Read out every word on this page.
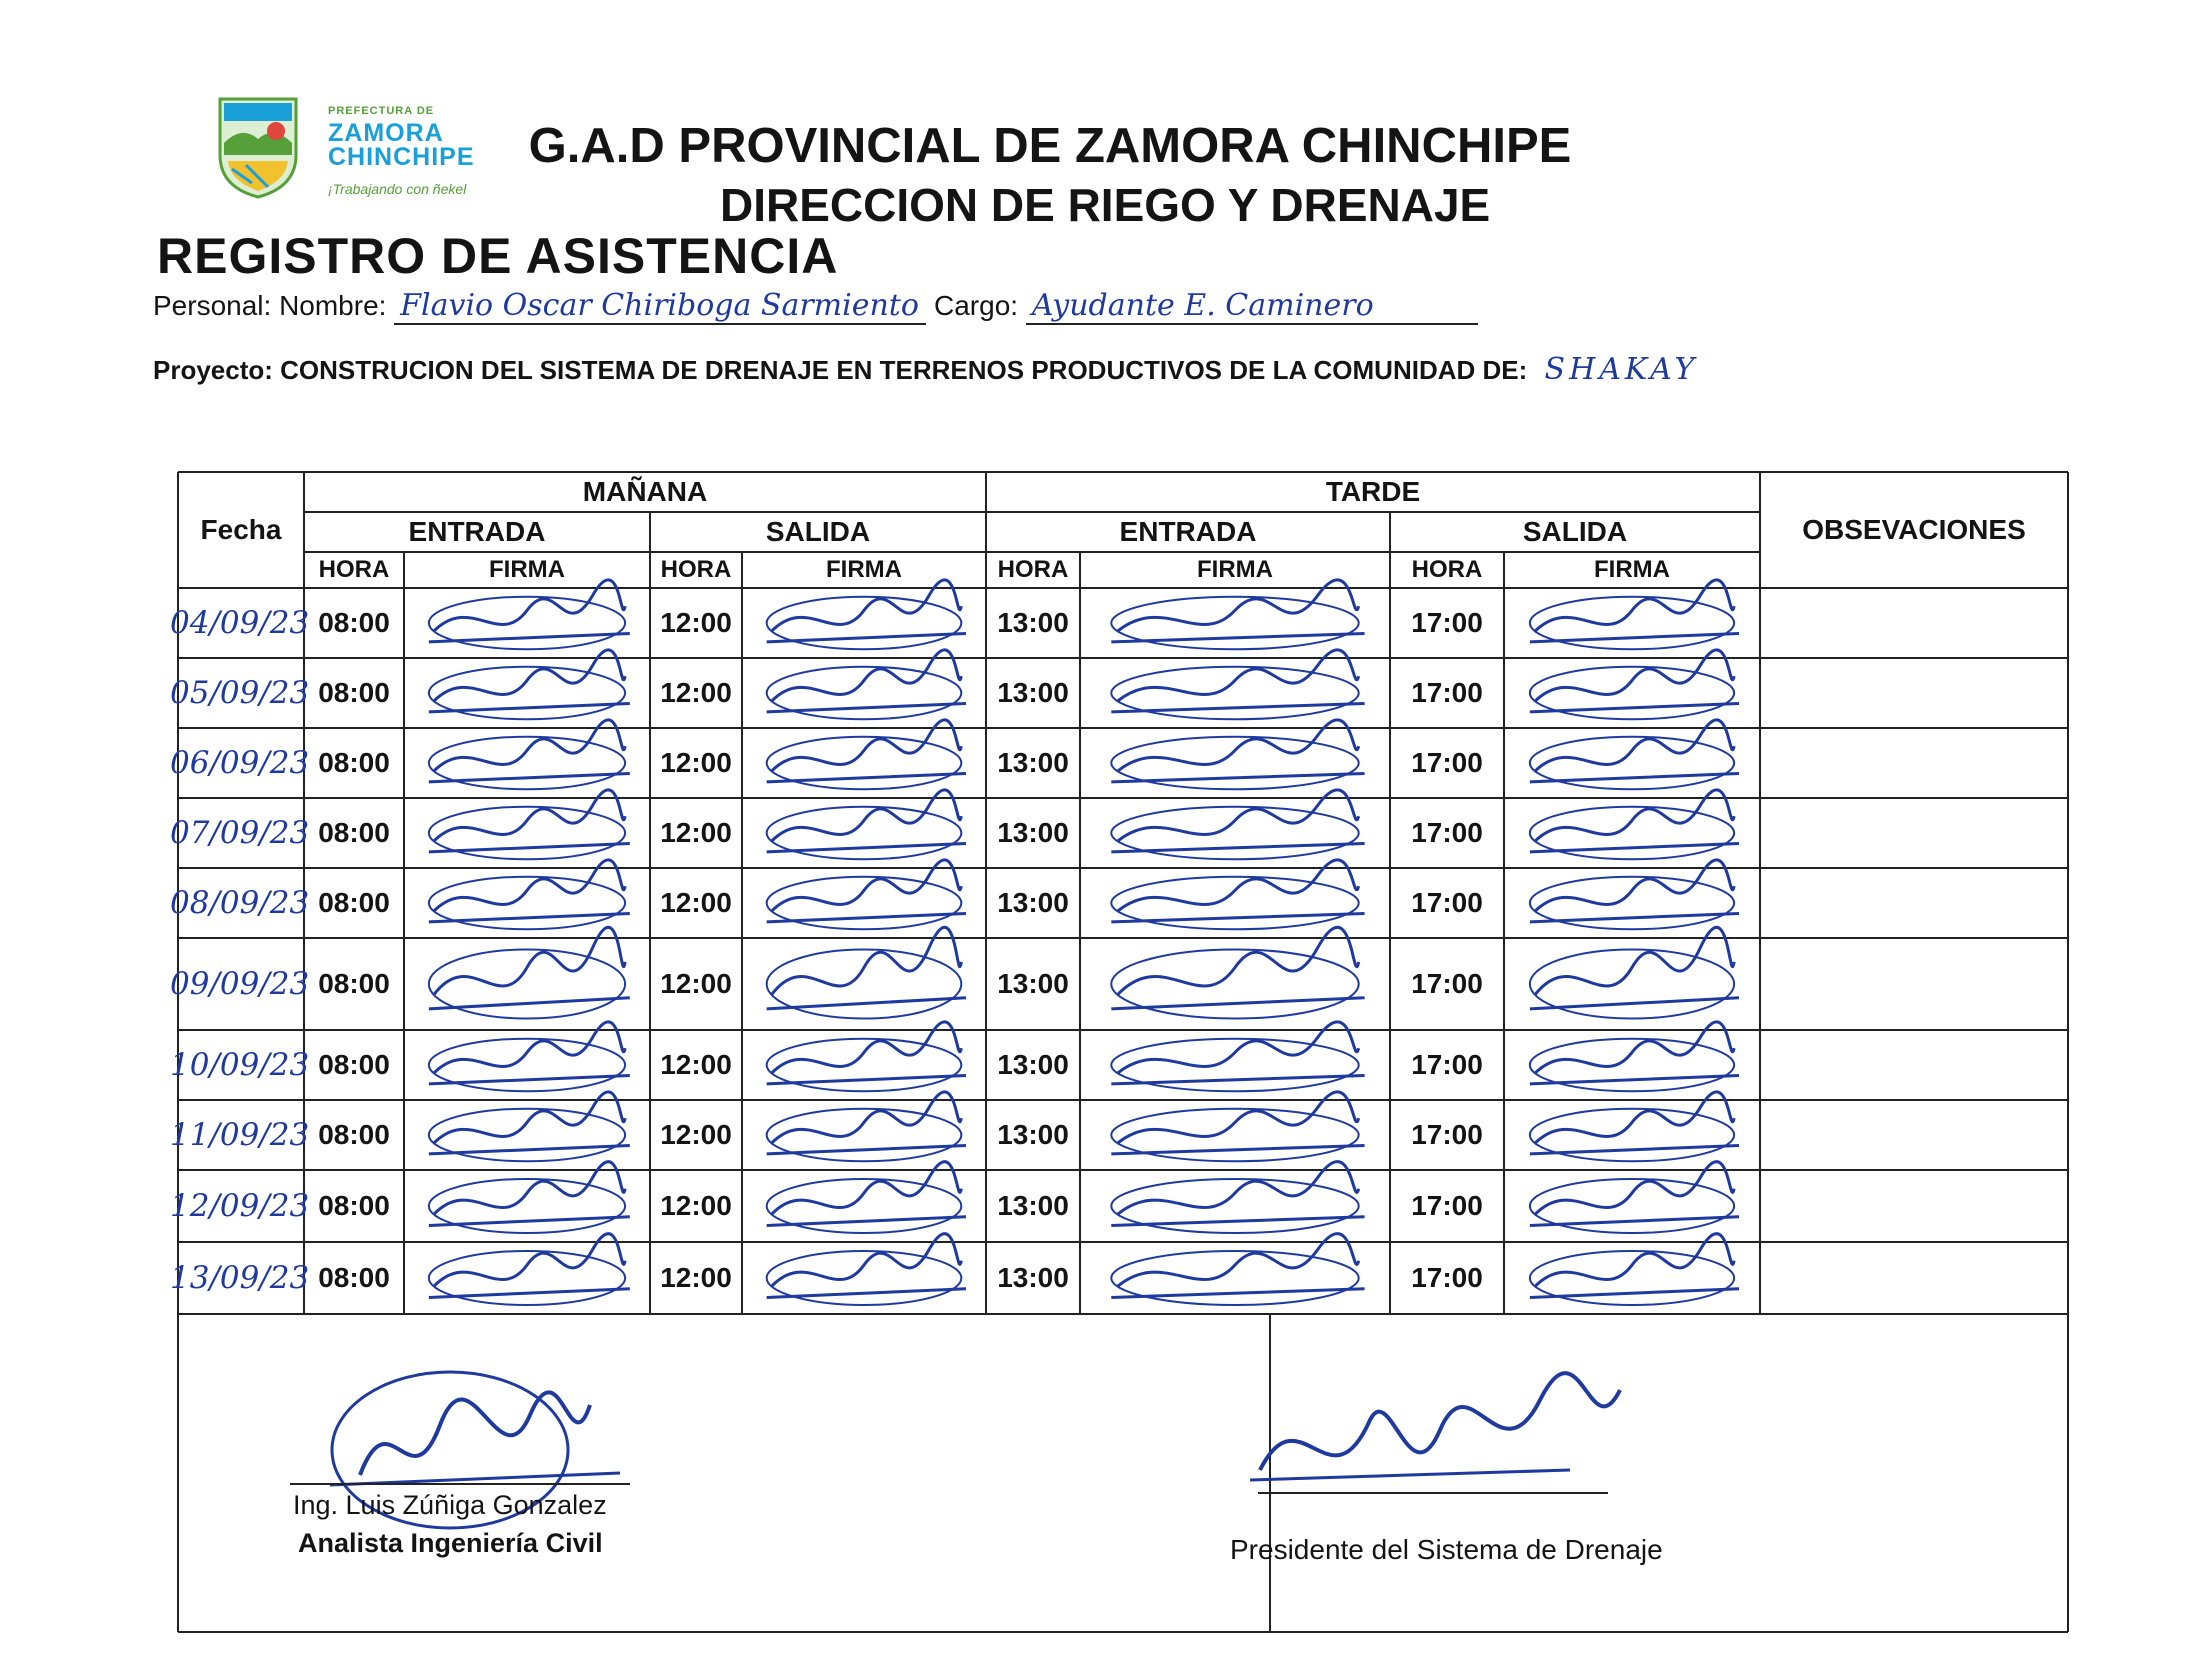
PREFECTURA DE
ZAMORA
CHINCHIPE
¡Trabajando con ñekel
G.A.D PROVINCIAL DE ZAMORA CHINCHIPE
DIRECCION DE RIEGO Y DRENAJE
REGISTRO DE ASISTENCIA
Personal: Nombre: Flavio Oscar Chiriboga Sarmiento Cargo: Ayudante E. Caminero
Proyecto: CONSTRUCION DEL SISTEMA DE DRENAJE EN TERRENOS PRODUCTIVOS DE LA COMUNIDAD DE: SHAKAY
Fecha
MAÑANA	TARDE
OBSEVACIONES
ENTRADA	SALIDA	ENTRADA	SALIDA
HORA	FIRMA	HORA	FIRMA	HORA	FIRMA	HORA	FIRMA
04/09/23 08:00	12:00	13:00	17:00
05/09/23 08:00	12:00	13:00	17:00
06/09/23 08:00	12:00	13:00	17:00
07/09/23 08:00	12:00	13:00	17:00
08/09/23 08:00	12:00	13:00	17:00
09/09/23 08:00	12:00	13:00	17:00
10/09/23 08:00	12:00	13:00	17:00
11/09/23 08:00	12:00	13:00	17:00
12/09/23 08:00	12:00	13:00	17:00
13/09/23 08:00	12:00	13:00	17:00
Ing. Luis Zúñiga Gonzalez
Analista Ingeniería Civil	Presidente del Sistema de Drenaje
